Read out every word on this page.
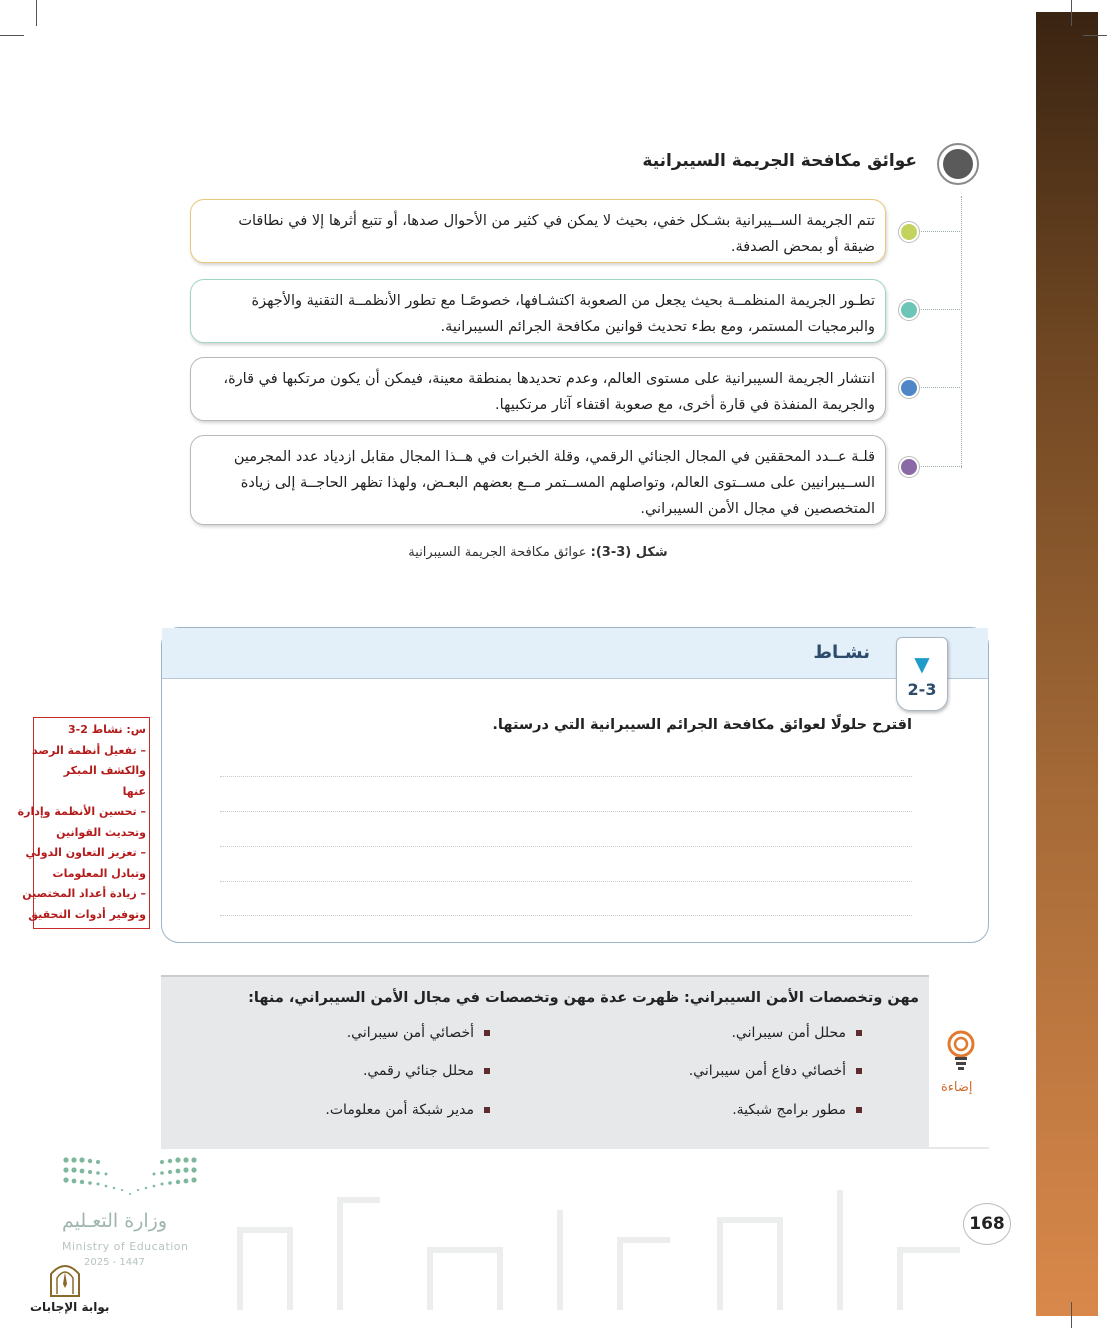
عوائق مكافحة الجريمة السيبرانية
تتم الجريمة الســيبرانية بشـكل خفي، بحيث لا يمكن في كثير من الأحوال صدها، أو تتبع أثرها إلا في نطاقات ضيقة أو بمحض الصدفة.
تطـور الجريمة المنظمــة بحيث يجعل من الصعوبة اكتشـافها، خصوصًـا مع تطور الأنظمــة التقنية والأجهزة والبرمجيات المستمر، ومع بطء تحديث قوانين مكافحة الجرائم السيبرانية.
انتشار الجريمة السيبرانية على مستوى العالم، وعدم تحديدها بمنطقة معينة، فيمكن أن يكون مرتكبها في قارة، والجريمة المنفذة في قارة أخرى، مع صعوبة اقتفاء آثار مرتكبيها.
قلـة عــدد المحققين في المجال الجنائي الرقمي، وقلة الخبرات في هــذا المجال مقابل ازدياد عدد المجرمين الســيبرانيين على مســتوى العالم، وتواصلهم المســتمر مــع بعضهم البعـض، ولهذا تظهر الحاجــة إلى زيادة المتخصصين في مجال الأمن السيبراني.
شكل (3-3): عوائق مكافحة الجريمة السيبرانية
نشـاط	▼
2-3
اقترح حلولًا لعوائق مكافحة الجرائم السيبرانية التي درستها.
س: نشاط 2-3
– تفعيل أنظمة الرصد
والكشف المبكر
عنها
– تحسين الأنظمة وإدارة
وتحديث القوانين
– تعزيز التعاون الدولي
وتبادل المعلومات
– زيادة أعداد المختصين
وتوفير أدوات التحقيق
إضاءة
مهن وتخصصات الأمن السيبراني: ظهرت عدة مهن وتخصصات في مجال الأمن السيبراني، منها:
محلل أمن سيبراني.
أخصائي دفاع أمن سيبراني.
مطور برامج شبكية.
أخصائي أمن سيبراني.
محلل جنائي رقمي.
مدير شبكة أمن معلومات.
وزارة التعـليم
Ministry of Education
2025 - 1447
بوابة الإجابات
168
